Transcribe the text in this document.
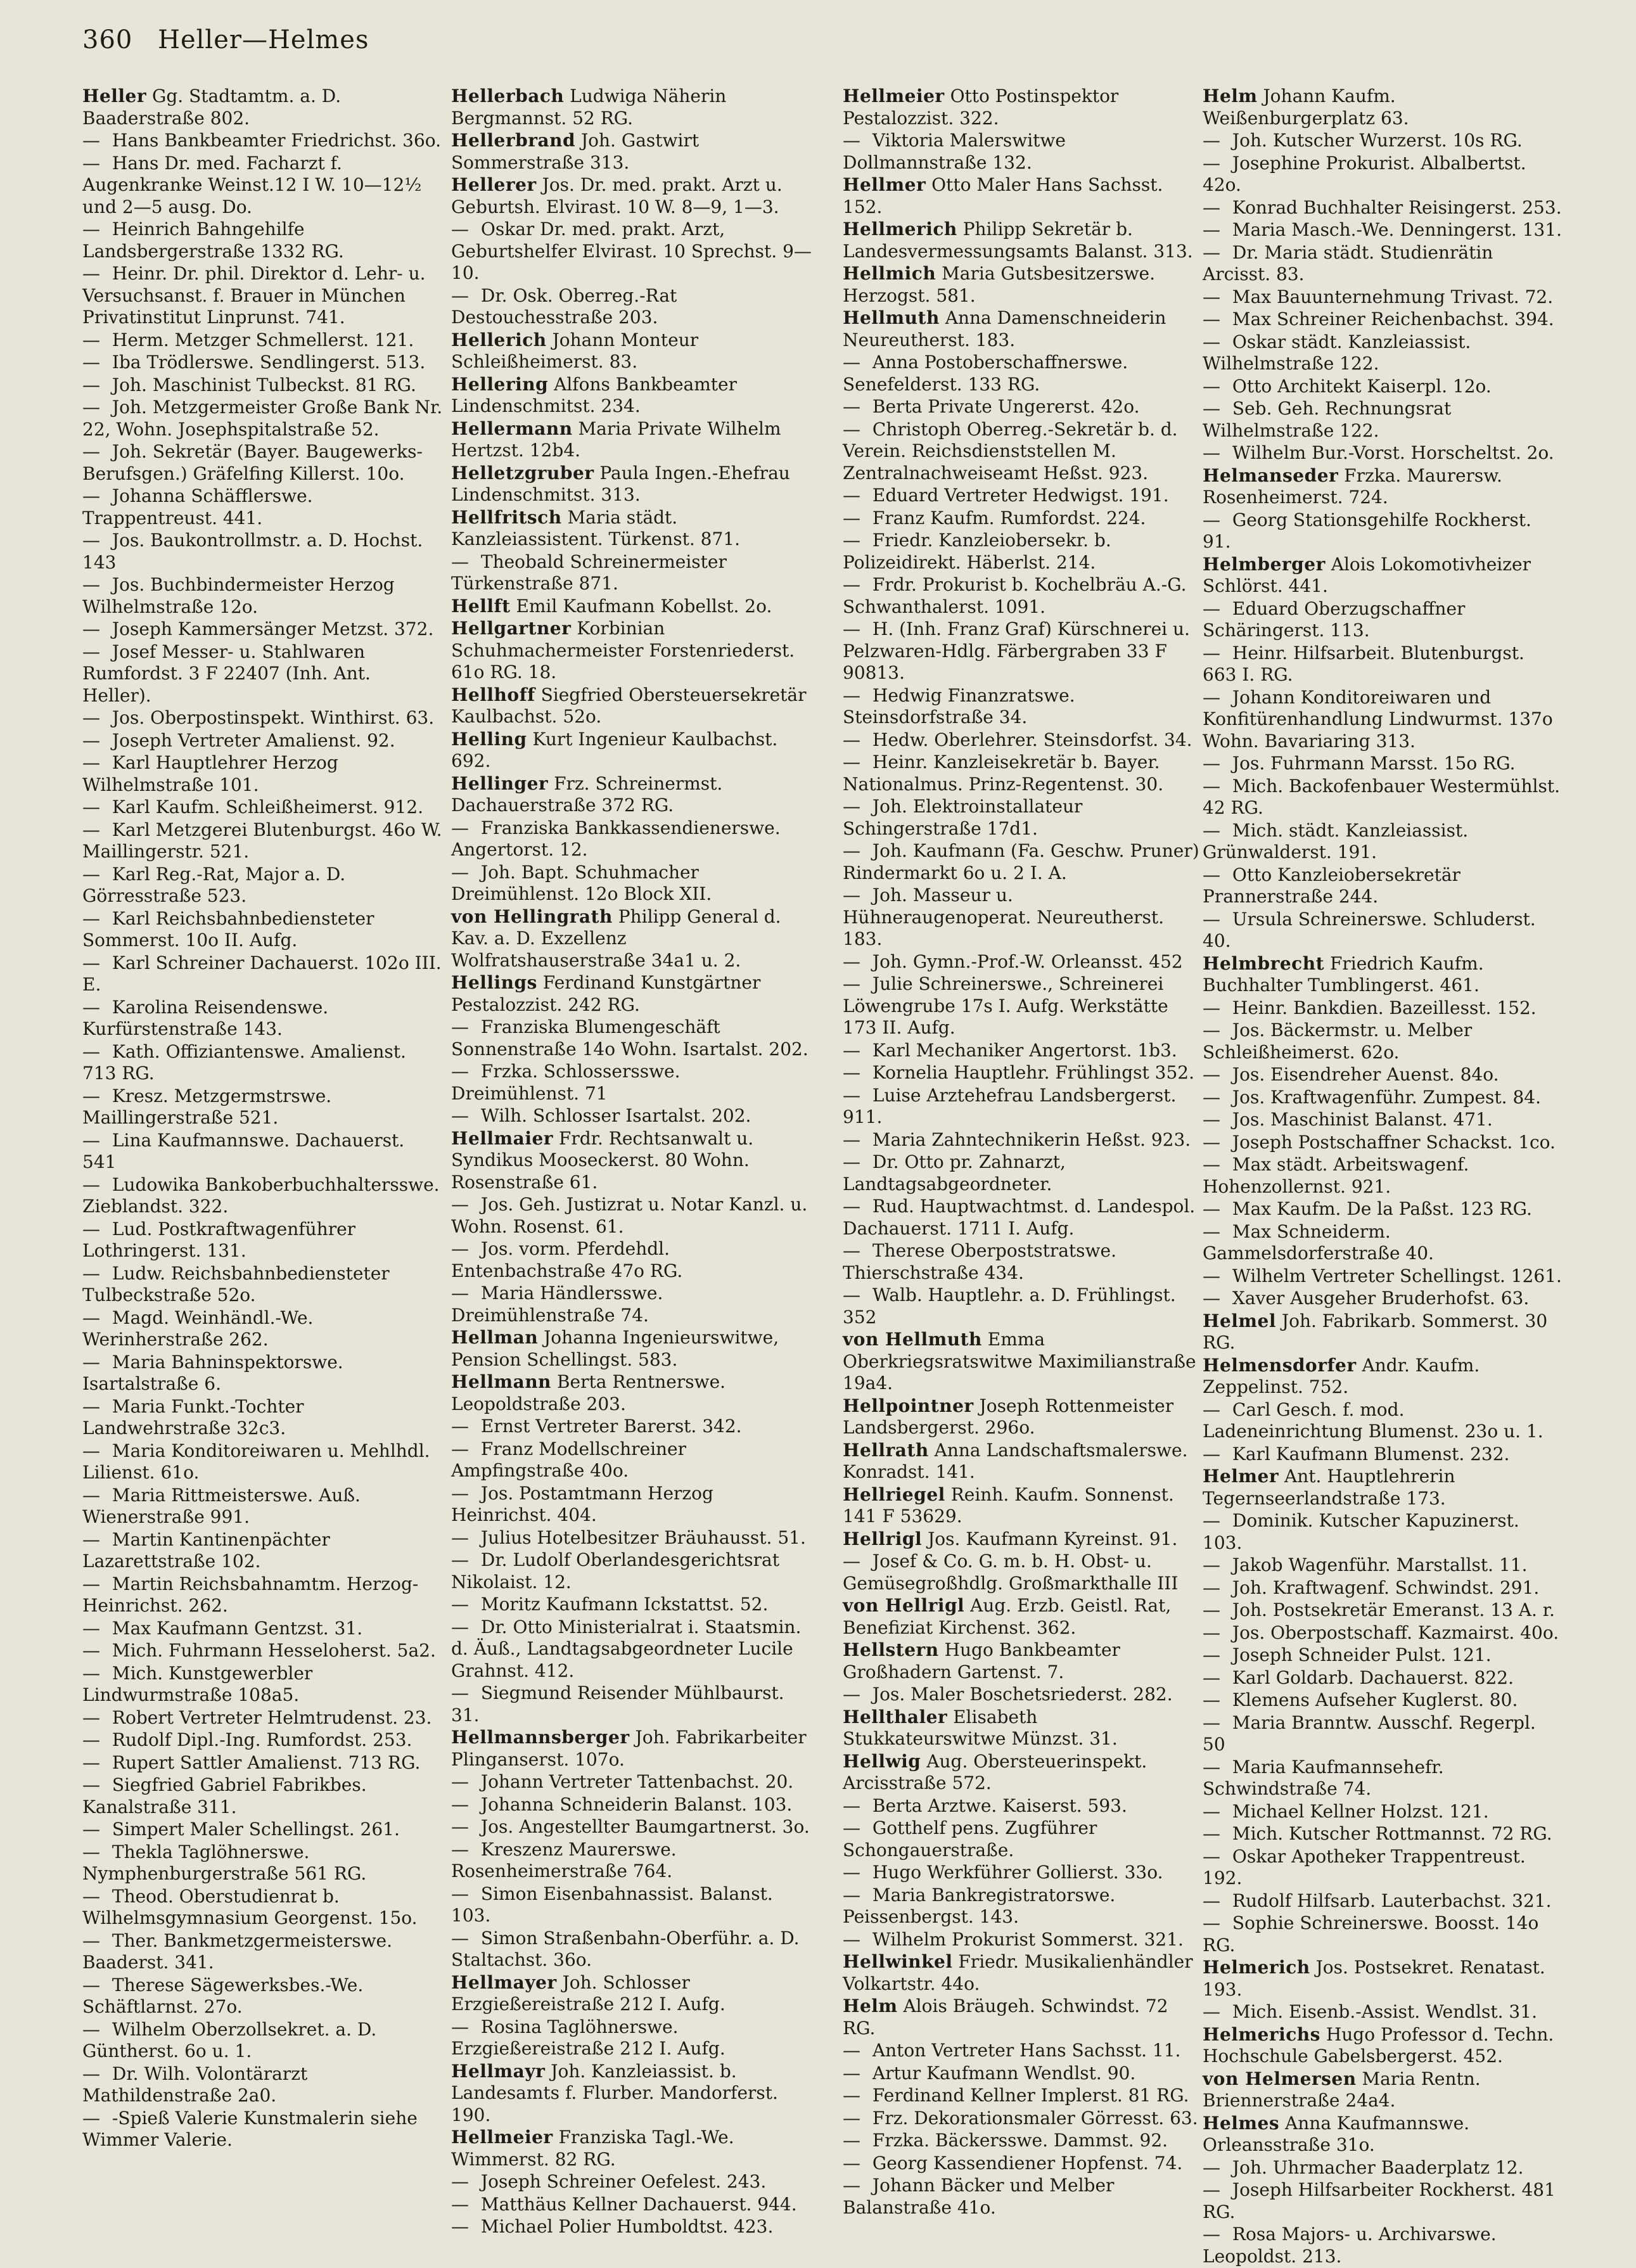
360 Heller—Helmes
Heller Gg. Stadtamtm. a. D. Baaderstraße 802.
— Hans Bankbeamter Friedrichst. 36o.
— Hans Dr. med. Facharzt f. Augenkranke Weinst.12 I W. 10—12½ und 2—5 ausg. Do.
— Heinrich Bahngehilfe Landsbergerstraße 1332 RG.
— Heinr. Dr. phil. Direktor d. Lehr- u. Versuchsanst. f. Brauer in München Privatinstitut Linprunst. 741.
— Herm. Metzger Schmellerst. 121.
— Iba Trödlerswe. Sendlingerst. 513.
— Joh. Maschinist Tulbeckst. 81 RG.
— Joh. Metzgermeister Große Bank Nr. 22, Wohn. Josephspitalstraße 52.
— Joh. Sekretär (Bayer. Baugewerks-Berufsgen.) Gräfelfing Killerst. 10o.
— Johanna Schäfflerswe. Trappentreust. 441.
— Jos. Baukontrollmstr. a. D. Hochst. 143
— Jos. Buchbindermeister Herzog Wilhelmstraße 12o.
— Joseph Kammersänger Metzst. 372.
— Josef Messer- u. Stahlwaren Rumfordst. 3 F 22407 (Inh. Ant. Heller).
— Jos. Oberpostinspekt. Winthirst. 63.
— Joseph Vertreter Amalienst. 92.
— Karl Hauptlehrer Herzog Wilhelmstraße 101.
— Karl Kaufm. Schleißheimerst. 912.
— Karl Metzgerei Blutenburgst. 46o W. Maillingerstr. 521.
— Karl Reg.-Rat, Major a. D. Görresstraße 523.
— Karl Reichsbahnbediensteter Sommerst. 10o II. Aufg.
— Karl Schreiner Dachauerst. 102o III. E.
— Karolina Reisendenswe. Kurfürstenstraße 143.
— Kath. Offiziantenswe. Amalienst. 713 RG.
— Kresz. Metzgermstrswe. Maillingerstraße 521.
— Lina Kaufmannswe. Dachauerst. 541
— Ludowika Bankoberbuchhaltersswe. Zieblandst. 322.
— Lud. Postkraftwagenführer Lothringerst. 131.
— Ludw. Reichsbahnbediensteter Tulbeckstraße 52o.
— Magd. Weinhändl.-We. Werinherstraße 262.
— Maria Bahninspektorswe. Isartalstraße 6.
— Maria Funkt.-Tochter Landwehrstraße 32c3.
— Maria Konditoreiwaren u. Mehlhdl. Lilienst. 61o.
— Maria Rittmeisterswe. Auß. Wienerstraße 991.
— Martin Kantinenpächter Lazarettstraße 102.
— Martin Reichsbahnamtm. Herzog-Heinrichst. 262.
— Max Kaufmann Gentzst. 31.
— Mich. Fuhrmann Hesseloherst. 5a2.
— Mich. Kunstgewerbler Lindwurmstraße 108a5.
— Robert Vertreter Helmtrudenst. 23.
— Rudolf Dipl.-Ing. Rumfordst. 253.
— Rupert Sattler Amalienst. 713 RG.
— Siegfried Gabriel Fabrikbes. Kanalstraße 311.
— Simpert Maler Schellingst. 261.
— Thekla Taglöhnerswe. Nymphenburgerstraße 561 RG.
— Theod. Oberstudienrat b. Wilhelmsgymnasium Georgenst. 15o.
— Ther. Bankmetzgermeisterswe. Baaderst. 341.
— Therese Sägewerksbes.-We. Schäftlarnst. 27o.
— Wilhelm Oberzollsekret. a. D. Güntherst. 6o u. 1.
— Dr. Wilh. Volontärarzt Mathildenstraße 2a0.
— -Spieß Valerie Kunstmalerin siehe Wimmer Valerie.
Hellerbach Ludwiga Näherin Bergmannst. 52 RG.
Hellerbrand Joh. Gastwirt Sommerstraße 313.
Hellerer Jos. Dr. med. prakt. Arzt u. Geburtsh. Elvirast. 10 W. 8—9, 1—3.
— Oskar Dr. med. prakt. Arzt, Geburtshelfer Elvirast. 10 Sprechst. 9—10.
— Dr. Osk. Oberreg.-Rat Destouchesstraße 203.
Hellerich Johann Monteur Schleißheimerst. 83.
Hellering Alfons Bankbeamter Lindenschmitst. 234.
Hellermann Maria Private Wilhelm Hertzst. 12b4.
Helletzgruber Paula Ingen.-Ehefrau Lindenschmitst. 313.
Hellfritsch Maria städt. Kanzleiassistent. Türkenst. 871.
— Theobald Schreinermeister Türkenstraße 871.
Hellft Emil Kaufmann Kobellst. 2o.
Hellgartner Korbinian Schuhmachermeister Forstenriederst. 61o RG. 18.
Hellhoff Siegfried Obersteuersekretär Kaulbachst. 52o.
Helling Kurt Ingenieur Kaulbachst. 692.
Hellinger Frz. Schreinermst. Dachauerstraße 372 RG.
— Franziska Bankkassendienerswe. Angertorst. 12.
— Joh. Bapt. Schuhmacher Dreimühlenst. 12o Block XII.
von Hellingrath Philipp General d. Kav. a. D. Exzellenz Wolfratshauserstraße 34a1 u. 2.
Hellings Ferdinand Kunstgärtner Pestalozzist. 242 RG.
— Franziska Blumengeschäft Sonnenstraße 14o Wohn. Isartalst. 202.
— Frzka. Schlossersswe. Dreimühlenst. 71
— Wilh. Schlosser Isartalst. 202.
Hellmaier Frdr. Rechtsanwalt u. Syndikus Mooseckerst. 80 Wohn. Rosenstraße 61.
— Jos. Geh. Justizrat u. Notar Kanzl. u. Wohn. Rosenst. 61.
— Jos. vorm. Pferdehdl. Entenbachstraße 47o RG.
— Maria Händlersswe. Dreimühlenstraße 74.
Hellman Johanna Ingenieurswitwe, Pension Schellingst. 583.
Hellmann Berta Rentnerswe. Leopoldstraße 203.
— Ernst Vertreter Barerst. 342.
— Franz Modellschreiner Ampfingstraße 40o.
— Jos. Postamtmann Herzog Heinrichst. 404.
— Julius Hotelbesitzer Bräuhausst. 51.
— Dr. Ludolf Oberlandesgerichtsrat Nikolaist. 12.
— Moritz Kaufmann Ickstattst. 52.
— Dr. Otto Ministerialrat i. Staatsmin. d. Äuß., Landtagsabgeordneter Lucile Grahnst. 412.
— Siegmund Reisender Mühlbaurst. 31.
Hellmannsberger Joh. Fabrikarbeiter Plinganserst. 107o.
— Johann Vertreter Tattenbachst. 20.
— Johanna Schneiderin Balanst. 103.
— Jos. Angestellter Baumgartnerst. 3o.
— Kreszenz Maurerswe. Rosenheimerstraße 764.
— Simon Eisenbahnassist. Balanst. 103.
— Simon Straßenbahn-Oberführ. a. D. Staltachst. 36o.
Hellmayer Joh. Schlosser Erzgießereistraße 212 I. Aufg.
— Rosina Taglöhnerswe. Erzgießereistraße 212 I. Aufg.
Hellmayr Joh. Kanzleiassist. b. Landesamts f. Flurber. Mandorferst. 190.
Hellmeier Franziska Tagl.-We. Wimmerst. 82 RG.
— Joseph Schreiner Oefelest. 243.
— Matthäus Kellner Dachauerst. 944.
— Michael Polier Humboldtst. 423.
Hellmeier Otto Postinspektor Pestalozzist. 322.
— Viktoria Malerswitwe Dollmannstraße 132.
Hellmer Otto Maler Hans Sachsst. 152.
Hellmerich Philipp Sekretär b. Landesvermessungsamts Balanst. 313.
Hellmich Maria Gutsbesitzerswe. Herzogst. 581.
Hellmuth Anna Damenschneiderin Neureutherst. 183.
— Anna Postoberschaffnerswe. Senefelderst. 133 RG.
— Berta Private Ungererst. 42o.
— Christoph Oberreg.-Sekretär b. d. Verein. Reichsdienststellen M. Zentralnachweiseamt Heßst. 923.
— Eduard Vertreter Hedwigst. 191.
— Franz Kaufm. Rumfordst. 224.
— Friedr. Kanzleiobersekr. b. Polizeidirekt. Häberlst. 214.
— Frdr. Prokurist b. Kochelbräu A.-G. Schwanthalerst. 1091.
— H. (Inh. Franz Graf) Kürschnerei u. Pelzwaren-Hdlg. Färbergraben 33 F 90813.
— Hedwig Finanzratswe. Steinsdorfstraße 34.
— Hedw. Oberlehrer. Steinsdorfst. 34.
— Heinr. Kanzleisekretär b. Bayer. Nationalmus. Prinz-Regentenst. 30.
— Joh. Elektroinstallateur Schingerstraße 17d1.
— Joh. Kaufmann (Fa. Geschw. Pruner) Rindermarkt 6o u. 2 I. A.
— Joh. Masseur u. Hühneraugenoperat. Neureutherst. 183.
— Joh. Gymn.-Prof.-W. Orleansst. 452
— Julie Schreinerswe., Schreinerei Löwengrube 17s I. Aufg. Werkstätte 173 II. Aufg.
— Karl Mechaniker Angertorst. 1b3.
— Kornelia Hauptlehr. Frühlingst 352.
— Luise Arztehefrau Landsbergerst. 911.
— Maria Zahntechnikerin Heßst. 923.
— Dr. Otto pr. Zahnarzt, Landtagsabgeordneter.
— Rud. Hauptwachtmst. d. Landespol. Dachauerst. 1711 I. Aufg.
— Therese Oberpoststratswe. Thierschstraße 434.
— Walb. Hauptlehr. a. D. Frühlingst. 352
von Hellmuth Emma Oberkriegsratswitwe Maximilianstraße 19a4.
Hellpointner Joseph Rottenmeister Landsbergerst. 296o.
Hellrath Anna Landschaftsmalerswe. Konradst. 141.
Hellriegel Reinh. Kaufm. Sonnenst. 141 F 53629.
Hellrigl Jos. Kaufmann Kyreinst. 91.
— Josef & Co. G. m. b. H. Obst- u. Gemüsegroßhdlg. Großmarkthalle III
von Hellrigl Aug. Erzb. Geistl. Rat, Benefiziat Kirchenst. 362.
Hellstern Hugo Bankbeamter Großhadern Gartenst. 7.
— Jos. Maler Boschetsriederst. 282.
Hellthaler Elisabeth Stukkateurswitwe Münzst. 31.
Hellwig Aug. Obersteuerinspekt. Arcisstraße 572.
— Berta Arztwe. Kaiserst. 593.
— Gotthelf pens. Zugführer Schongauerstraße.
— Hugo Werkführer Gollierst. 33o.
— Maria Bankregistratorswe. Peissenbergst. 143.
— Wilhelm Prokurist Sommerst. 321.
Hellwinkel Friedr. Musikalienhändler Volkartstr. 44o.
Helm Alois Bräugeh. Schwindst. 72 RG.
— Anton Vertreter Hans Sachsst. 11.
— Artur Kaufmann Wendlst. 90.
— Ferdinand Kellner Implerst. 81 RG.
— Frz. Dekorationsmaler Görresst. 63.
— Frzka. Bäckersswe. Dammst. 92.
— Georg Kassendiener Hopfenst. 74.
— Johann Bäcker und Melber Balanstraße 41o.
Helm Johann Kaufm. Weißenburgerplatz 63.
— Joh. Kutscher Wurzerst. 10s RG.
— Josephine Prokurist. Albalbertst. 42o.
— Konrad Buchhalter Reisingerst. 253.
— Maria Masch.-We. Denningerst. 131.
— Dr. Maria städt. Studienrätin Arcisst. 83.
— Max Bauunternehmung Trivast. 72.
— Max Schreiner Reichenbachst. 394.
— Oskar städt. Kanzleiassist. Wilhelmstraße 122.
— Otto Architekt Kaiserpl. 12o.
— Seb. Geh. Rechnungsrat Wilhelmstraße 122.
— Wilhelm Bur.-Vorst. Horscheltst. 2o.
Helmanseder Frzka. Maurersw. Rosenheimerst. 724.
— Georg Stationsgehilfe Rockherst. 91.
Helmberger Alois Lokomotivheizer Schlörst. 441.
— Eduard Oberzugschaffner Schäringerst. 113.
— Heinr. Hilfsarbeit. Blutenburgst. 663 I. RG.
— Johann Konditoreiwaren und Konfitürenhandlung Lindwurmst. 137o Wohn. Bavariaring 313.
— Jos. Fuhrmann Marsst. 15o RG.
— Mich. Backofenbauer Westermühlst. 42 RG.
— Mich. städt. Kanzleiassist. Grünwalderst. 191.
— Otto Kanzleiobersekretär Prannerstraße 244.
— Ursula Schreinerswe. Schluderst. 40.
Helmbrecht Friedrich Kaufm. Buchhalter Tumblingerst. 461.
— Heinr. Bankdien. Bazeillesst. 152.
— Jos. Bäckermstr. u. Melber Schleißheimerst. 62o.
— Jos. Eisendreher Auenst. 84o.
— Jos. Kraftwagenführ. Zumpest. 84.
— Jos. Maschinist Balanst. 471.
— Joseph Postschaffner Schackst. 1co.
— Max städt. Arbeitswagenf. Hohenzollernst. 921.
— Max Kaufm. De la Paßst. 123 RG.
— Max Schneiderm. Gammelsdorferstraße 40.
— Wilhelm Vertreter Schellingst. 1261.
— Xaver Ausgeher Bruderhofst. 63.
Helmel Joh. Fabrikarb. Sommerst. 30 RG.
Helmensdorfer Andr. Kaufm. Zeppelinst. 752.
— Carl Gesch. f. mod. Ladeneinrichtung Blumenst. 23o u. 1.
— Karl Kaufmann Blumenst. 232.
Helmer Ant. Hauptlehrerin Tegernseerlandstraße 173.
— Dominik. Kutscher Kapuzinerst. 103.
— Jakob Wagenführ. Marstallst. 11.
— Joh. Kraftwagenf. Schwindst. 291.
— Joh. Postsekretär Emeranst. 13 A. r.
— Jos. Oberpostschaff. Kazmairst. 40o.
— Joseph Schneider Pulst. 121.
— Karl Goldarb. Dachauerst. 822.
— Klemens Aufseher Kuglerst. 80.
— Maria Branntw. Ausschf. Regerpl. 50
— Maria Kaufmannsehefr. Schwindstraße 74.
— Michael Kellner Holzst. 121.
— Mich. Kutscher Rottmannst. 72 RG.
— Oskar Apotheker Trappentreust. 192.
— Rudolf Hilfsarb. Lauterbachst. 321.
— Sophie Schreinerswe. Boosst. 14o RG.
Helmerich Jos. Postsekret. Renatast. 193.
— Mich. Eisenb.-Assist. Wendlst. 31.
Helmerichs Hugo Professor d. Techn. Hochschule Gabelsbergerst. 452.
von Helmersen Maria Rentn. Briennerstraße 24a4.
Helmes Anna Kaufmannswe. Orleansstraße 31o.
— Joh. Uhrmacher Baaderplatz 12.
— Joseph Hilfsarbeiter Rockherst. 481 RG.
— Rosa Majors- u. Archivarswe. Leopoldst. 213.
